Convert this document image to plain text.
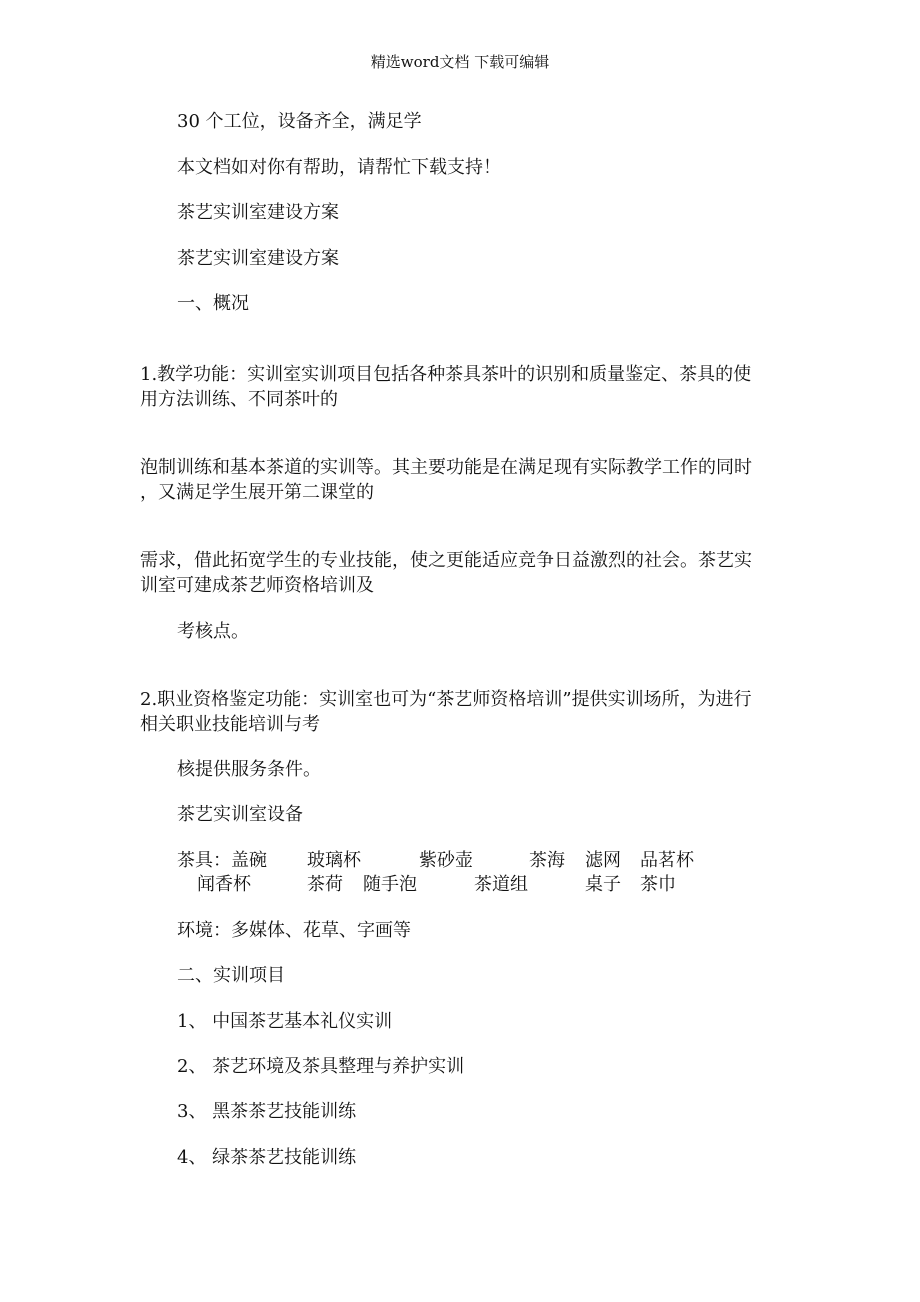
精选word文档 下载可编辑
30 个工位，设备齐全，满足学
本文档如对你有帮助，请帮忙下载支持！
茶艺实训室建设方案
茶艺实训室建设方案
一、概况
1.教学功能：实训室实训项目包括各种茶具茶叶的识别和质量鉴定、茶具的使
用方法训练、不同茶叶的
泡制训练和基本茶道的实训等。其主要功能是在满足现有实际教学工作的同时
，又满足学生展开第二课堂的
需求，借此拓宽学生的专业技能，使之更能适应竞争日益激烈的社会。茶艺实
训室可建成茶艺师资格培训及
考核点。
2.职业资格鉴定功能：实训室也可为“茶艺师资格培训”提供实训场所，为进行
相关职业技能培训与考
核提供服务条件。
茶艺实训室设备
茶具：盖碗 玻璃杯	紫砂壶	茶海 滤网 品茗杯
闻香杯	茶荷 随手泡	茶道组	桌子 茶巾
环境：多媒体、花草、字画等
二、实训项目
1、 中国茶艺基本礼仪实训
2、 茶艺环境及茶具整理与养护实训
3、 黑茶茶艺技能训练
4、 绿茶茶艺技能训练
